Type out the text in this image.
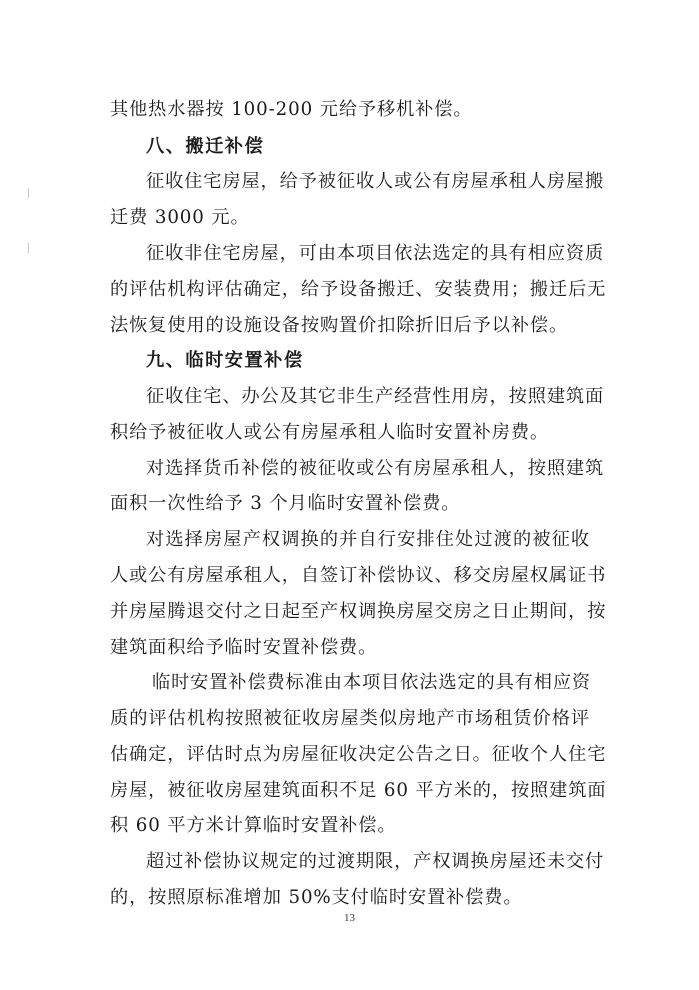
其他热水器按 100-200 元给予移机补偿。
八、搬迁补偿
征收住宅房屋，给予被征收人或公有房屋承租人房屋搬
迁费 3000 元。
征收非住宅房屋，可由本项目依法选定的具有相应资质
的评估机构评估确定，给予设备搬迁、安装费用；搬迁后无
法恢复使用的设施设备按购置价扣除折旧后予以补偿。
九、临时安置补偿
征收住宅、办公及其它非生产经营性用房，按照建筑面
积给予被征收人或公有房屋承租人临时安置补房费。
对选择货币补偿的被征收或公有房屋承租人，按照建筑
面积一次性给予 3 个月临时安置补偿费。
对选择房屋产权调换的并自行安排住处过渡的被征收
人或公有房屋承租人，自签订补偿协议、移交房屋权属证书
并房屋腾退交付之日起至产权调换房屋交房之日止期间，按
建筑面积给予临时安置补偿费。
临时安置补偿费标准由本项目依法选定的具有相应资
质的评估机构按照被征收房屋类似房地产市场租赁价格评
估确定，评估时点为房屋征收决定公告之日。征收个人住宅
房屋，被征收房屋建筑面积不足 60 平方米的，按照建筑面
积 60 平方米计算临时安置补偿。
13
超过补偿协议规定的过渡期限，产权调换房屋还未交付
的，按照原标准增加 50%支付临时安置补偿费。
